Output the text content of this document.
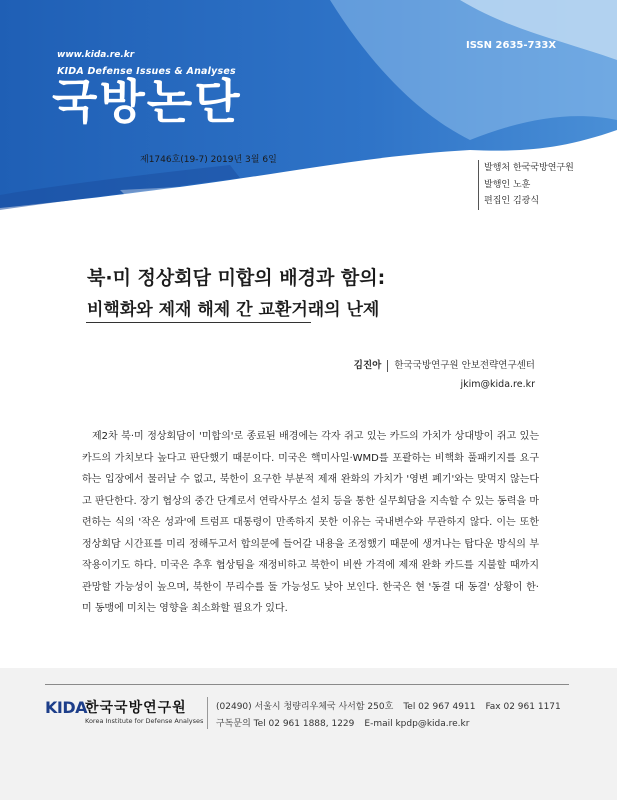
www.kida.re.kr
KIDA Defense Issues & Analyses
국방논단
제1746호(19-7) 2019년 3월 6일
ISSN 2635-733X
발행처 한국국방연구원
발행인 노훈
편집인 김광식
북·미 정상회담 미합의 배경과 함의:
비핵화와 제재 해제 간 교환거래의 난제
김진아 한국국방연구원 안보전략연구센터
jkim@kida.re.kr
제2차 북·미 정상회담이 '미합의'로 종료된 배경에는 각자 쥐고 있는 카드의 가치가 상대방이 쥐고 있는 카드의 가치보다 높다고 판단했기 때문이다. 미국은 핵미사일·WMD를 포괄하는 비핵화 풀패키지를 요구하는 입장에서 물러날 수 없고, 북한이 요구한 부분적 제재 완화의 가치가 '영변 폐기'와는 맞먹지 않는다고 판단한다. 장기 협상의 중간 단계로서 연락사무소 설치 등을 통한 실무회담을 지속할 수 있는 동력을 마련하는 식의 '작은 성과'에 트럼프 대통령이 만족하지 못한 이유는 국내변수와 무관하지 않다. 이는 또한 정상회담 시간표를 미리 정해두고서 합의문에 들어갈 내용을 조정했기 때문에 생겨나는 탑다운 방식의 부작용이기도 하다. 미국은 추후 협상팀을 재정비하고 북한이 비싼 가격에 제재 완화 카드를 지불할 때까지 관망할 가능성이 높으며, 북한이 무리수를 둘 가능성도 낮아 보인다. 한국은 현 '동결 대 동결' 상황이 한·미 동맹에 미치는 영향을 최소화할 필요가 있다.
KIDA
한국국방연구원
Korea Institute for Defense Analyses
(02490) 서울시 청량리우체국 사서함 250호 Tel 02 967 4911 Fax 02 961 1171
구독문의 Tel 02 961 1888, 1229 E-mail kpdp@kida.re.kr
